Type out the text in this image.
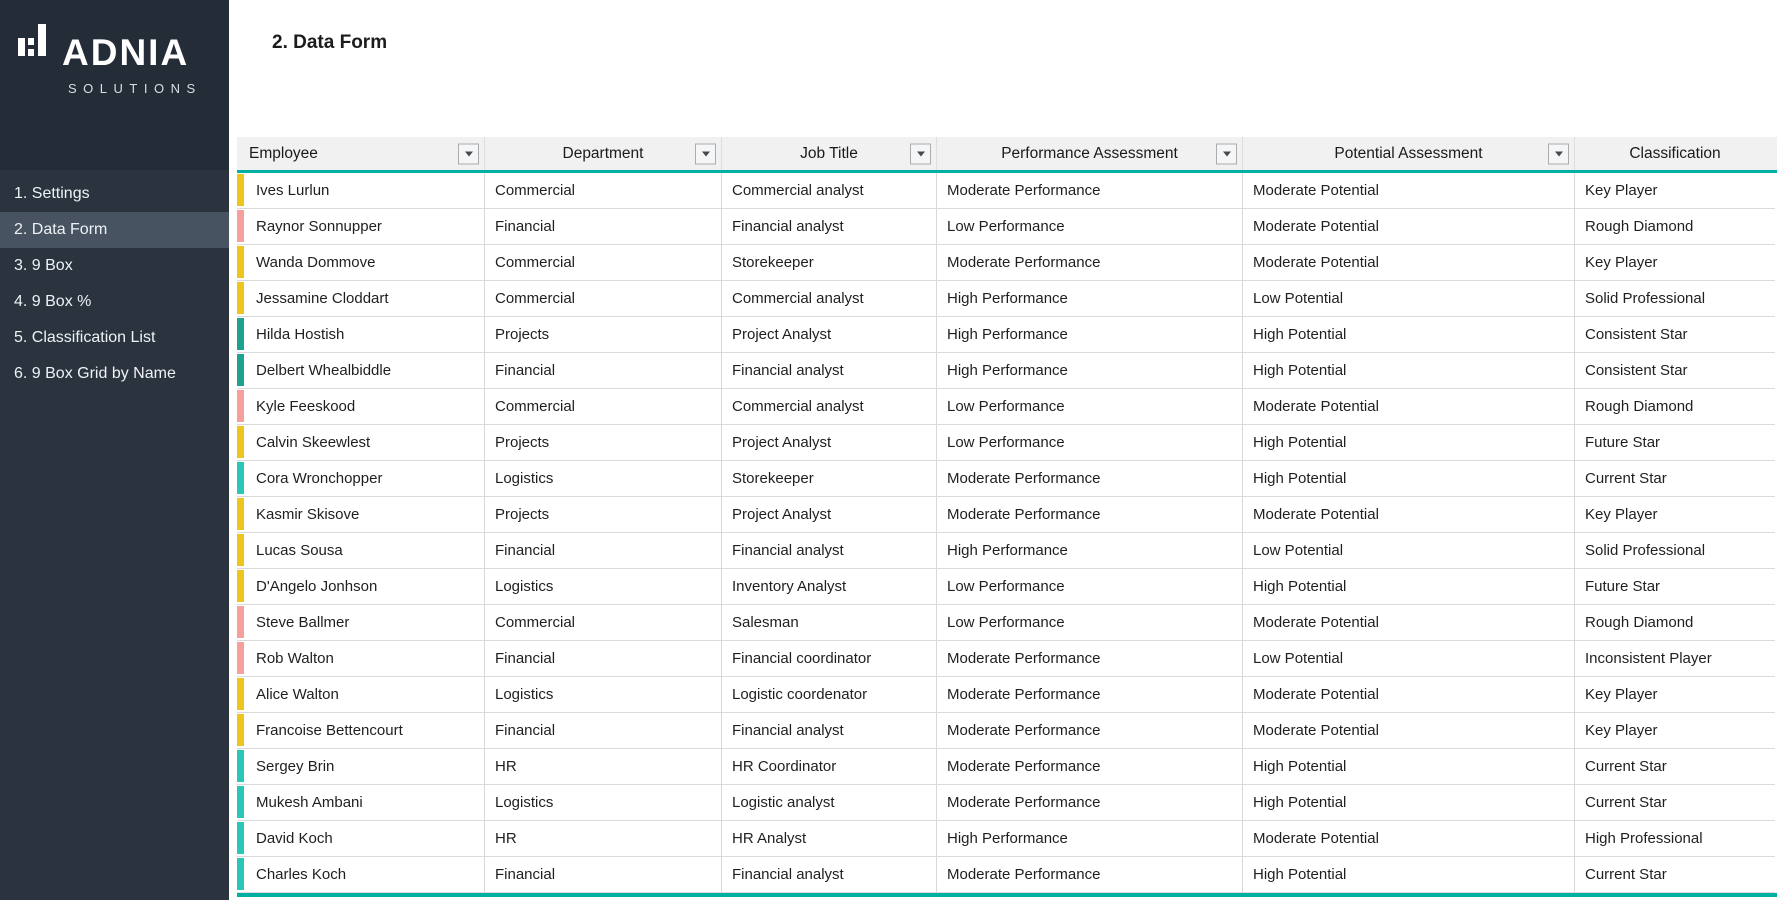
ADNIA
SOLUTIONS
1. Settings
2. Data Form
3. 9 Box
4. 9 Box %
5. Classification List
6. 9 Box Grid by Name
2. Data Form
Employee	Department	Job Title	Performance Assessment	Potential Assessment	Classification
Ives Lurlun	Commercial	Commercial analyst	Moderate Performance	Moderate Potential	Key Player
Raynor Sonnupper	Financial	Financial analyst	Low Performance	Moderate Potential	Rough Diamond
Wanda Dommove	Commercial	Storekeeper	Moderate Performance	Moderate Potential	Key Player
Jessamine Cloddart	Commercial	Commercial analyst	High Performance	Low Potential	Solid Professional
Hilda Hostish	Projects	Project Analyst	High Performance	High Potential	Consistent Star
Delbert Whealbiddle	Financial	Financial analyst	High Performance	High Potential	Consistent Star
Kyle Feeskood	Commercial	Commercial analyst	Low Performance	Moderate Potential	Rough Diamond
Calvin Skeewlest	Projects	Project Analyst	Low Performance	High Potential	Future Star
Cora Wronchopper	Logistics	Storekeeper	Moderate Performance	High Potential	Current Star
Kasmir Skisove	Projects	Project Analyst	Moderate Performance	Moderate Potential	Key Player
Lucas Sousa	Financial	Financial analyst	High Performance	Low Potential	Solid Professional
D'Angelo Jonhson	Logistics	Inventory Analyst	Low Performance	High Potential	Future Star
Steve Ballmer	Commercial	Salesman	Low Performance	Moderate Potential	Rough Diamond
Rob Walton	Financial	Financial coordinator	Moderate Performance	Low Potential	Inconsistent Player
Alice Walton	Logistics	Logistic coordenator	Moderate Performance	Moderate Potential	Key Player
Francoise Bettencourt	Financial	Financial analyst	Moderate Performance	Moderate Potential	Key Player
Sergey Brin	HR	HR Coordinator	Moderate Performance	High Potential	Current Star
Mukesh Ambani	Logistics	Logistic analyst	Moderate Performance	High Potential	Current Star
David Koch	HR	HR Analyst	High Performance	Moderate Potential	High Professional
Charles Koch	Financial	Financial analyst	Moderate Performance	High Potential	Current Star
